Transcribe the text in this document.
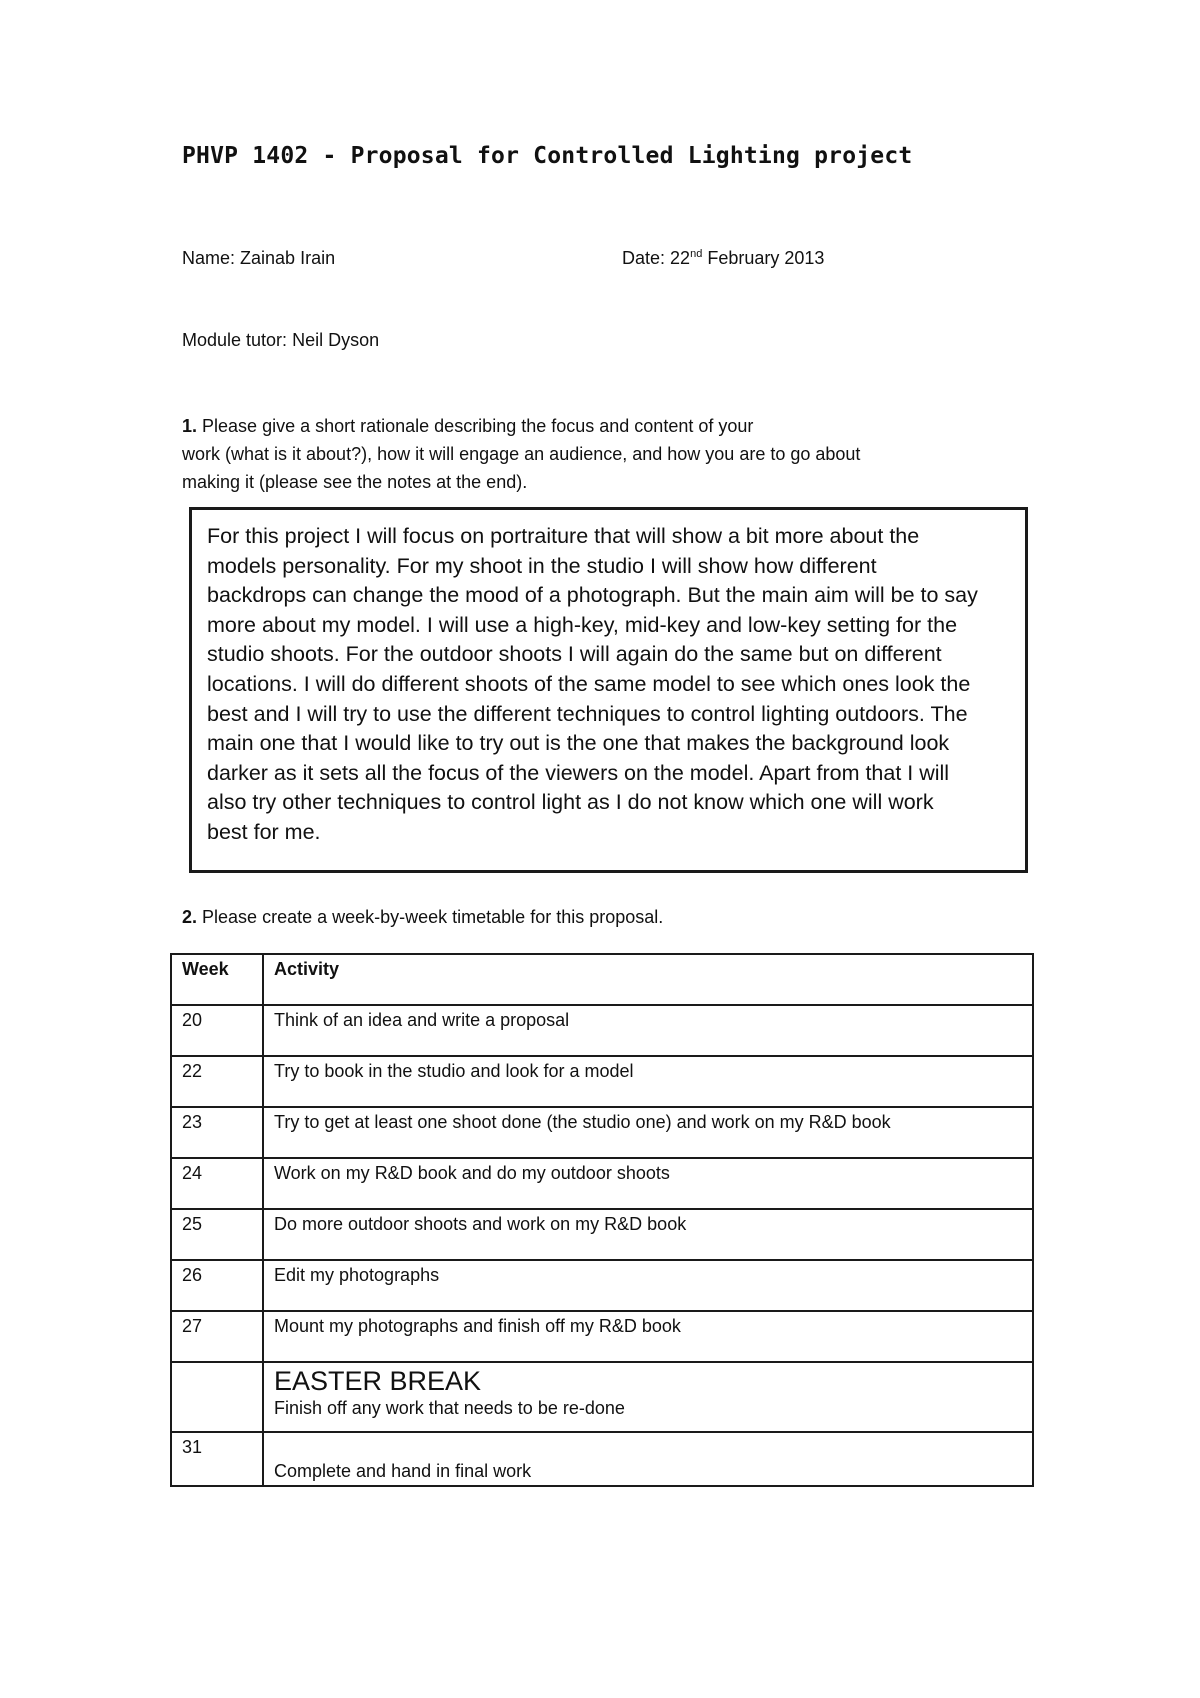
PHVP 1402 - Proposal for Controlled Lighting project
Name: Zainab Irain	Date: 22nd February 2013
Module tutor: Neil Dyson
1. Please give a short rationale describing the focus and content of your
work (what is it about?), how it will engage an audience, and how you are to go about
making it (please see the notes at the end).

For this project I will focus on portraiture that will show a bit more about the
models personality. For my shoot in the studio I will show how different
backdrops can change the mood of a photograph. But the main aim will be to say
more about my model. I will use a high-key, mid-key and low-key setting for the
studio shoots. For the outdoor shoots I will again do the same but on different
locations. I will do different shoots of the same model to see which ones look the
best and I will try to use the different techniques to control lighting outdoors. The
main one that I would like to try out is the one that makes the background look
darker as it sets all the focus of the viewers on the model. Apart from that I will
also try other techniques to control light as I do not know which one will work
best for me.

2. Please create a week-by-week timetable for this proposal.
Week	Activity
20	Think of an idea and write a proposal
22	Try to book in the studio and look for a model
23	Try to get at least one shoot done (the studio one) and work on my R&D book
24	Work on my R&D book and do my outdoor shoots
25	Do more outdoor shoots and work on my R&D book
26	Edit my photographs
27	Mount my photographs and finish off my R&D book

	EASTER BREAK
Finish off any work that needs to be re-done

31	Complete and hand in final work
